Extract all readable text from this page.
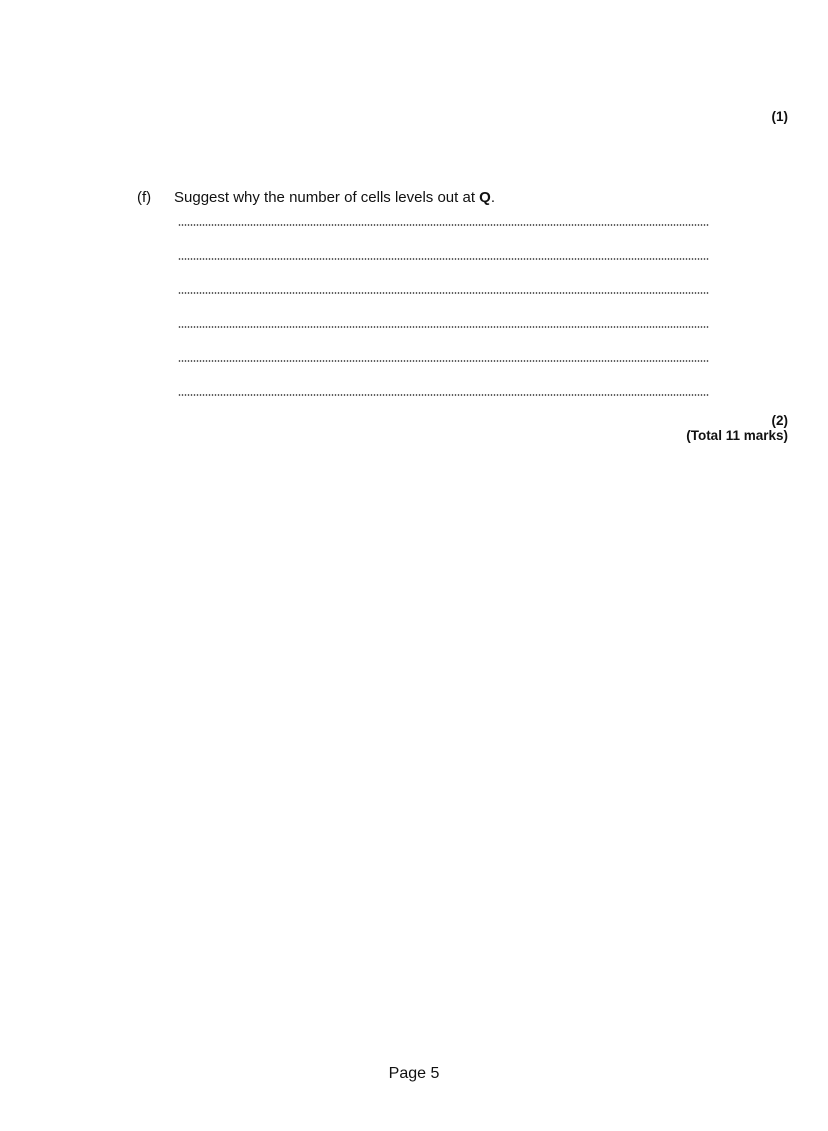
(1)
(f) Suggest why the number of cells levels out at Q.
(2)
(Total 11 marks)
Page 5
